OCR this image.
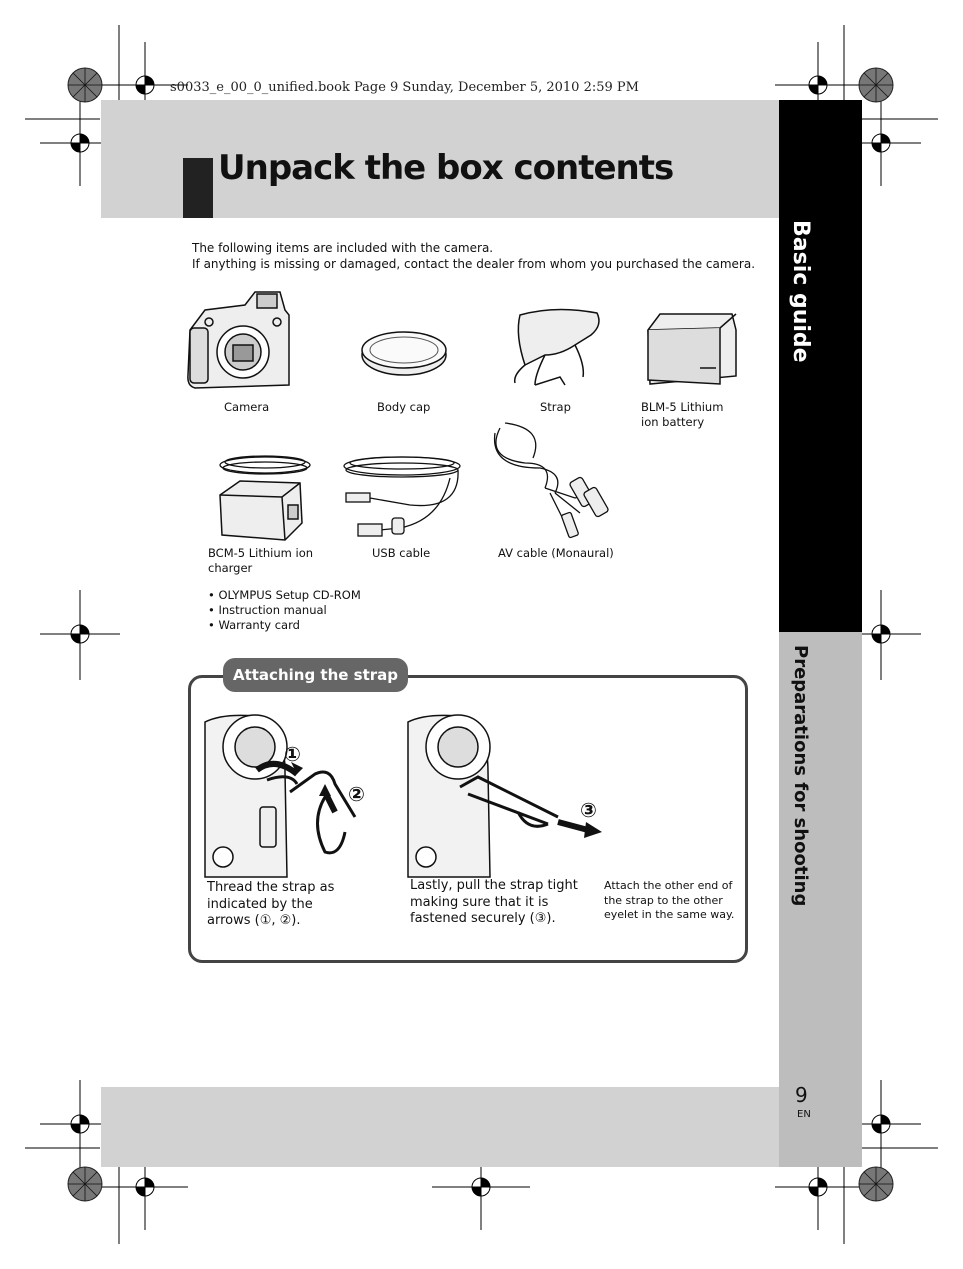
s0033_e_00_0_unified.book Page 9 Sunday, December 5, 2010 2:59 PM
Unpack the box contents
Basic guide
Preparations for shooting
The following items are included with the camera.
If anything is missing or damaged, contact the dealer from whom you purchased the camera.
Camera	Body cap	Strap	BLM-5 Lithium
ion battery
BCM-5 Lithium ion
charger
USB cable	AV cable (Monaural)
• OLYMPUS Setup CD-ROM
• Instruction manual
• Warranty card
Attaching the strap
①
②
③
Thread the strap as
indicated by the
arrows (①, ②).
Lastly, pull the strap tight
making sure that it is
fastened securely (③).
Attach the other end of
the strap to the other
eyelet in the same way.
9
EN
